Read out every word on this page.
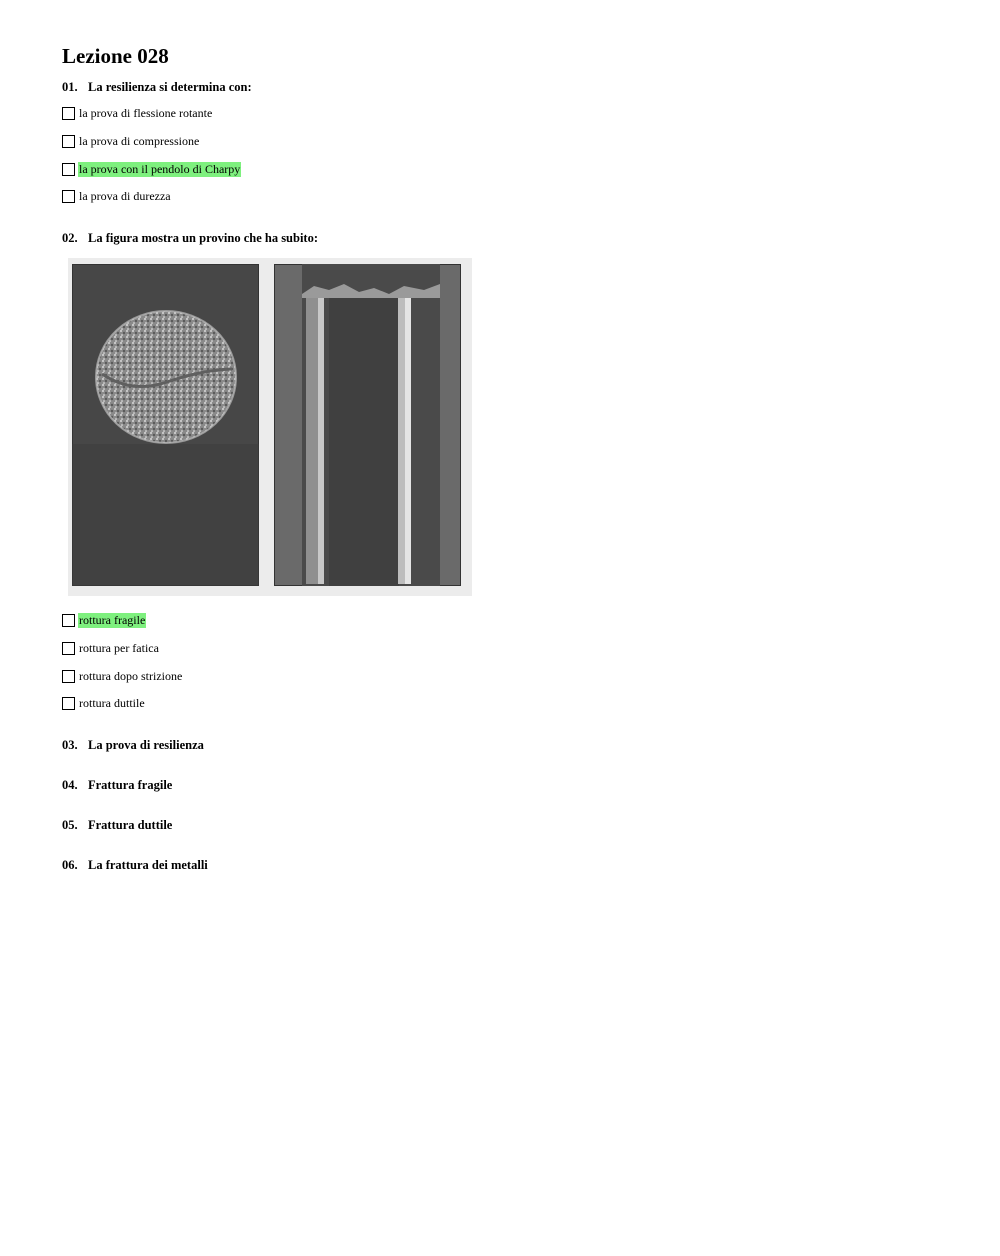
Lezione 028
01. La resilienza si determina con:
la prova di flessione rotante
la prova di compressione
la prova con il pendolo di Charpy
la prova di durezza
02. La figura mostra un provino che ha subito:
rottura fragile
rottura per fatica
rottura dopo strizione
rottura duttile
03. La prova di resilienza
04. Frattura fragile
05. Frattura duttile
06. La frattura dei metalli
